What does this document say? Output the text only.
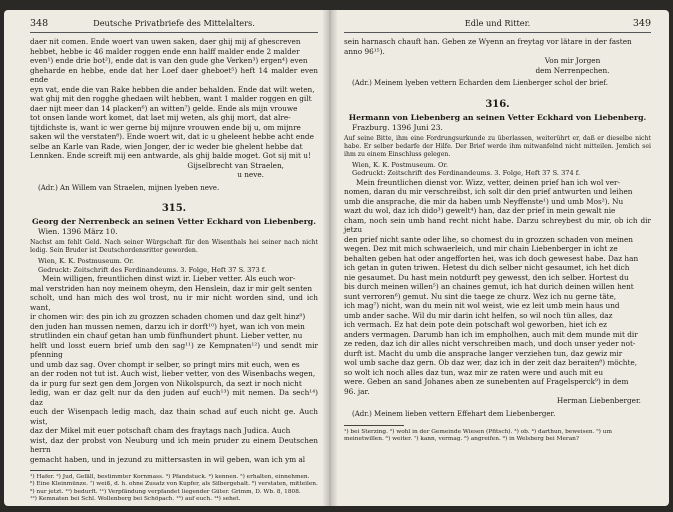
348	Deutsche Privatbriefe des Mittelalters.

daer nit comen. Ende woert van uwen saken, daer ghij mij af ghescreven

hebbet, hebbe ic 46 malder roggen ende enn halff malder ende 2 malder

even¹) ende drie bot²), ende dat is van den gude ghe Verken³) ergen⁴) even

gheharde en hebbe, ende dat her Loef daer gheboet⁵) heft 14 malder even ende

eyn vat, ende die van Rake hebben die ander behalden. Ende dat wilt weten,

wat ghij mit den rogghe ghedaen wilt hebben, want 1 malder roggen en gilt

daer nijt meer dan 14 placken⁶) an witten⁷) gelde. Ende als mijn vrouwe

tot onsen lande wort komet, dat laet mij weten, als ghij mort, dat alre-

tijtdichste is, want ic wer gerne bij mijnre vrouwen ende bij u, om mijnre

saken wil the verstaten⁸). Ende woert wit, dat ic u gheleent hebbe acht ende

selbe an Karle van Rade, wien Jonger, der ic weder bie ghelent hebbe dat

Lennken. Ende screift mij een antwarde, als ghij balde moget. Got sij mit u!

Gijselbrecht van Straelen,
u neve.
(Adr.) An Willem van Straelen, mijnen lyeben neve.
315.
Georg der Nerrenbeck an seinen Vetter Eckhard von Liebenberg.
Wien. 1396 März 10.
Nachst am fehlt Geld. Nach seiner Würgschaft für den Wisenthals hei seiner nach nicht ledig. Sein Bruder ist Deutschordensritter geworden.
Wien, K. K. Postmuseum. Or.
Gedruckt: Zeitschrift des Ferdinandeums. 3. Folge, Heft 37 S. 373 f.

Mein willigen, freuntlichen dinst wizt ir. Lieber vetter. Als euch wor-

mal verstriden han noy meinem oheym, den Henslein, daz ir mir gelt senten

scholt, und han mich des wol trost, nu ir mir nicht worden sind, und ich want,

ir chomen wir: des pin ich zu grozzen schaden chomen und daz gelt hinz⁹)

den juden han mussen nemen, darzu ich ir dorft¹⁰) hyet, wan ich von mein

strutlinden ein chauf getan han umb fünfhundert phunt. Lieber vetter, nu

helft und losst euern brief umb den sag¹¹) ze Kempnaten¹²) und sendt mir pfenning

und umb daz sag. Over chompt ir selber, so pringt mirs mit euch, wen es

an der roden not tut ist. Auch wist, lieber vetter, von des Wisenbachs wegen,

da ir purg fur sezt gen dem Jorgen von Nikolspurch, da sezt ir noch nicht

ledig, wan er daz gelt nur da den juden auf euch¹³) mit nemen. Da sech¹⁴) daz

euch der Wisenpach ledig mach, daz thain schad auf euch nicht ge. Auch wist,

daz der Mikel mit euer potschaft cham des fraytags nach Judica. Auch

wist, daz der probst von Neuburg und ich mein pruder zu einem Deutschen herrn

gemacht haben, und in jezund zu mittersasten in wil geben, wan ich ym al

¹) Hafer. ²) Jud, Gefäll, bestimmter Kornmass. ³) Pfandstuck. ⁴) kennen. ⁵) erhalten, einnehmen.
⁶) Eine Kleinmünze. ⁷) weiß, d. h. ohne Zusatz von Kupfer, als Silbergehalt. ⁸) verstaten, mitteilen.
⁹) nur jetzt. ¹⁰) bedurft. ¹¹) Verpfändung verpfandet liegender Güter. Grimm, D. Wb. 8, 1808.
¹²) Kemnaten bei Schl. Wollenberg bei Schöpach. ¹³) auf euch. ¹⁴) sehet.
Edle und Ritter.	349

sein harnasch chauft han. Geben ze Wyenn an freytag vor lätare in der fasten

anno 96¹⁵).

Von mir Jorgen
dem Nerrenpechen.
(Adr.) Meinem lyeben vettern Echarden dem Lienberger schol der brief.
316.
Hermann von Liebenberg an seinen Vetter Eckhard von Liebenberg.
Frazburg. 1396 Juni 23.
Auf seine Bitte, ihm eine Fordrungsurkunde zu überlassen, weiterührt er, daß er dieselbe nicht habe. Er selber bedarfe der Hilfe. Der Brief werde ihm mitwanfelnd nicht mitteilen. Jemlich sei ihm zu einem Einschluss gelegen.
Wien, K. K. Postmuseum. Or.
Gedruckt: Zeitschrift des Ferdinandeums. 3. Folge, Heft 37 S. 374 f.

Mein freuntlichen dienst vor. Wizz, vetter, deinen prief han ich wol ver-

nomen, daran du mir verschreibst, ich solt dir den prief antwurten und leihen

umb die ansprache, die mir da haben umb Neyffenste¹) und umb Mos²). Nu

wazt du wol, daz ich dido³) gewelt⁴) han, daz der prief in mein gewalt nie

cham, noch sein umb hand recht nicht habe. Darzu schreybest du mir, ob ich dir jetzu

den prief nicht sante oder lihe, so chomest du in grozzen schaden von meinen

wegen. Dez mit mich schwaerleich, und mir chain Liebenberger in icht ze

behalten geben hat oder angefforten hei, was ich doch gewesest habe. Daz han

ich getan in guten triwen. Hetest du dich selber nicht gesaumet, ich het dich

nie gesaumet. Du hast mein notdurft pey gewesst, den ich selber. Hortest du

bis durch meinen willen⁵) an chaines gemut, ich hat durich deinen willen hent

sunt verroren⁶) gemut. Nu sint die taege ze churz. Wez ich nu gerne täte,

ich mag⁷) nicht, wan du mein nit wol weist, wie ez leit umb mein haus und

umb ander sache. Wil du mir darin icht helfen, so wil noch tün alles, daz

ich vermach. Ez hat dein pote dein potschaft wol geworben, hiet ich ez

anders vermagen. Darumb han ich im empholhen, auch mit dem munde mit dir

ze reden, daz ich dir alles nicht verschreiben mach, und doch unser yeder not-

durft ist. Macht du umb die ansprache langer verziehen tun, daz gewiz mir

wol umb sache daz gern. Ob daz wer, daz ich in der zeit daz beraiten⁸) möchte,

so wolt ich noch alles daz tun, waz mir ze raten were und auch mit eu

were. Geben an sand Johanes aben ze sunebenten auf Fragelsperck⁹) in dem

96. jar.

Herman Liebenberger.
(Adr.) Meinem lieben vettern Effehart dem Liebenberger.
¹) bei Sterzing. ²) wohl in der Gemeinde Wiesen (Pfitsch). ³) ob. ⁴) darthun, beweisen. ⁵) um
meinetwillen. ⁶) weiter. ⁷) kann, vermag. ⁸) angreifen. ⁹) in Welsberg bei Meran?
